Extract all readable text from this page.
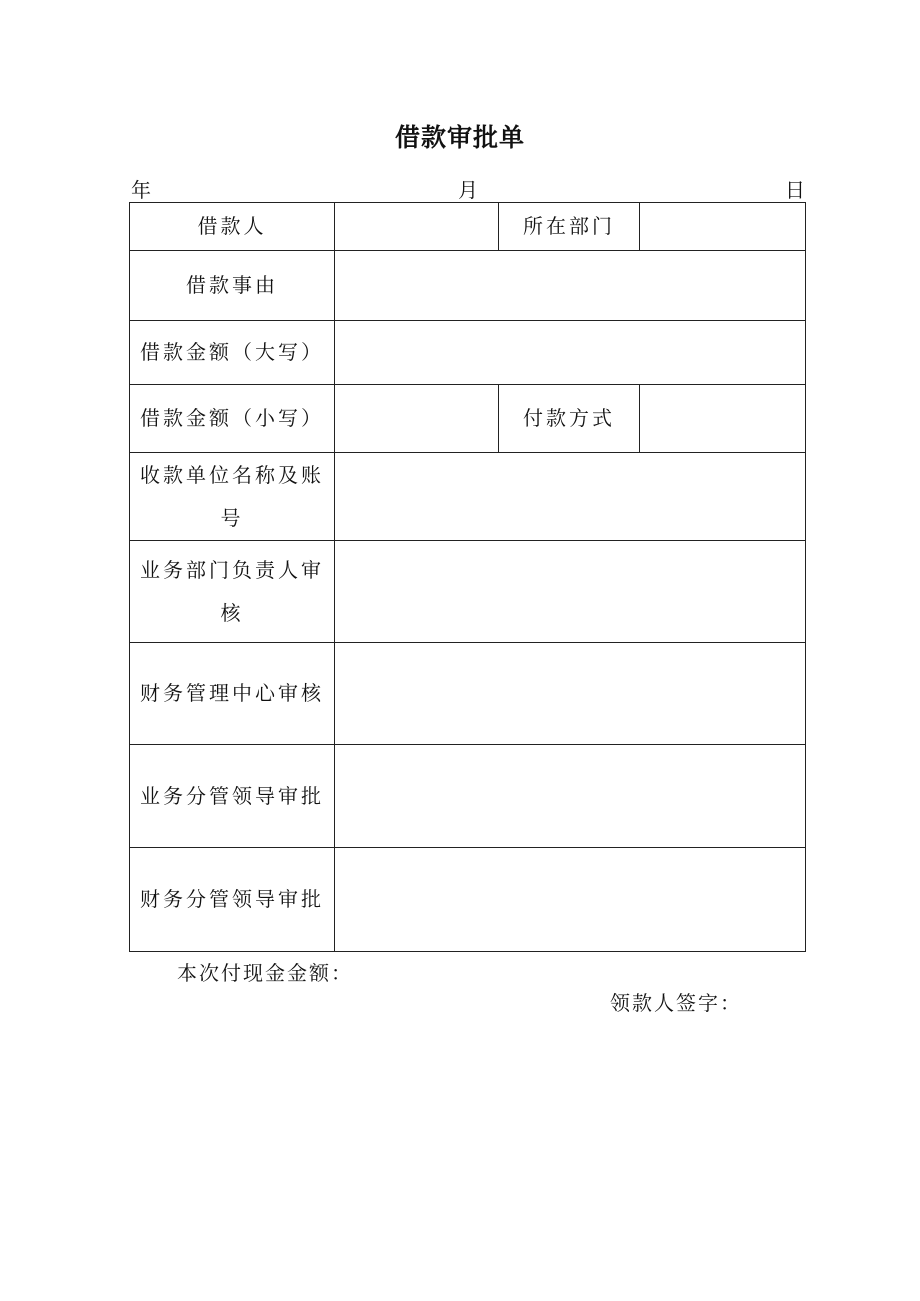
借款审批单
年	月	日
借款人		所在部门	
借款事由			
借款金额（大写）			
借款金额（小写）		付款方式	
收款单位名称及账号			
业务部门负责人审核			
财务管理中心审核			
业务分管领导审批			
财务分管领导审批			
本次付现金金额：
领款人签字：
